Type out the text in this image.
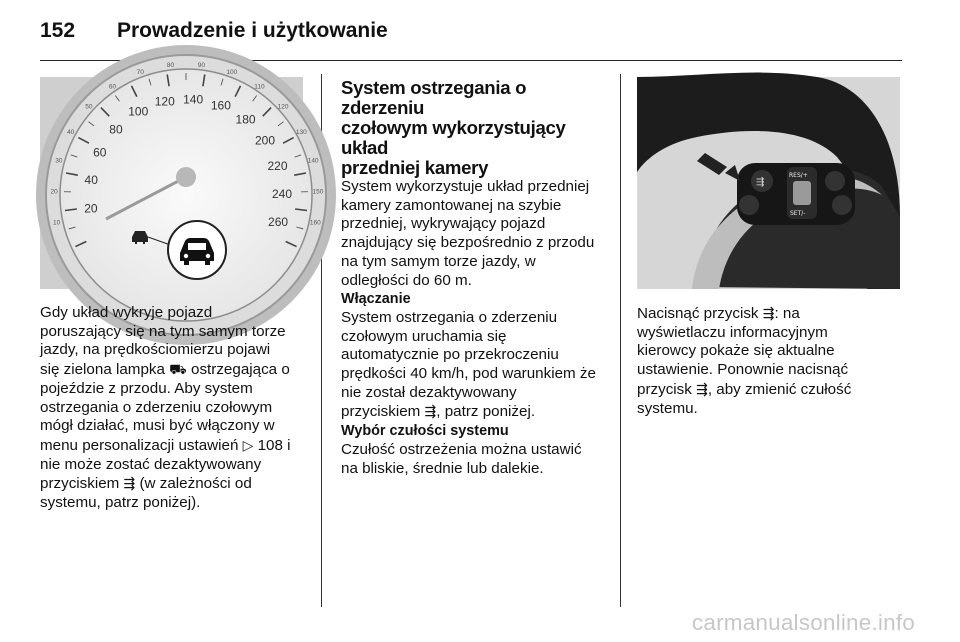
152 Prowadzenie i użytkowanie
20
40
60
80
100
120 140 160
180
200
220
240
260
10
20
30
40
50
60
70
80	90
100
110
120
130
140
150
160
⇶
RES/+
SET/-

Gdy układ wykryje pojazd
poruszający się na tym samym torze
jazdy, na prędkościomierzu pojawi
się zielona lampka ⛟ ostrzegająca o
pojeździe z przodu. Aby system
ostrzegania o zderzeniu czołowym
mógł działać, musi być włączony w
menu personalizacji ustawień ▷ 108 i
nie może zostać dezaktywowany
przyciskiem ⇶ (w zależności od
systemu, patrz poniżej).

System ostrzegania o zderzeniu
czołowym wykorzystujący układ
przedniej kamery

System wykorzystuje układ przedniej
kamery zamontowanej na szybie
przedniej, wykrywający pojazd
znajdujący się bezpośrednio z przodu
na tym samym torze jazdy, w
odległości do 60 m.

Włączanie

System ostrzegania o zderzeniu
czołowym uruchamia się
automatycznie po przekroczeniu
prędkości 40 km/h, pod warunkiem że
nie został dezaktywowany
przyciskiem ⇶, patrz poniżej.

Wybór czułości systemu

Czułość ostrzeżenia można ustawić
na bliskie, średnie lub dalekie.

Nacisnąć przycisk ⇶: na
wyświetlaczu informacyjnym
kierowcy pokaże się aktualne
ustawienie. Ponownie nacisnąć
przycisk ⇶, aby zmienić czułość
systemu.

carmanualsonline.info
